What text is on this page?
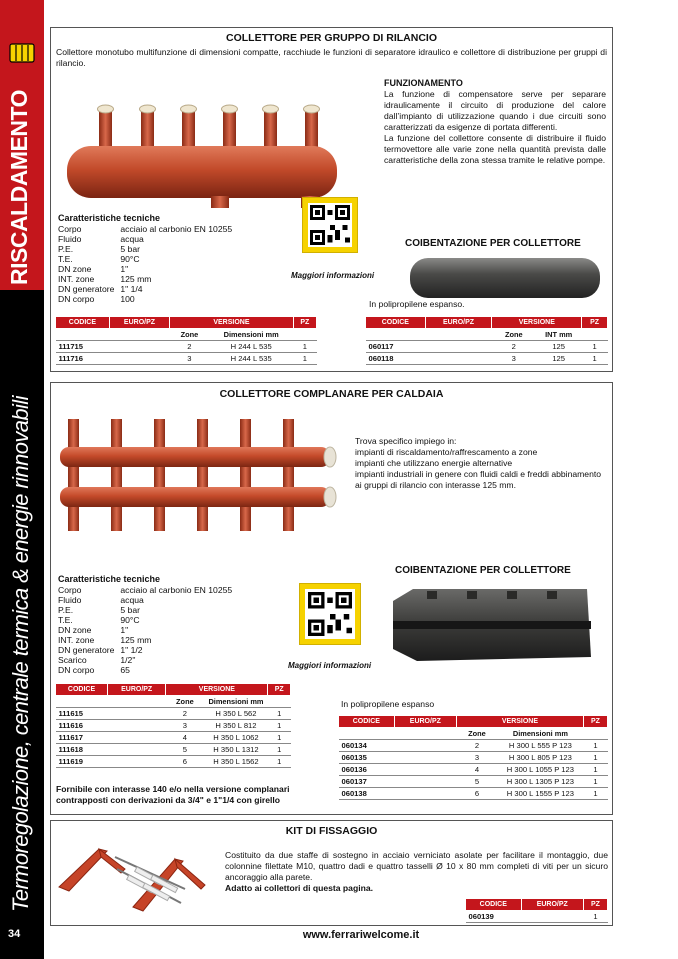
RISCALDAMENTO
Termoregolazione, centrale termica & energie rinnovabili
34
COLLETTORE PER GRUPPO DI RILANCIO
Collettore monotubo multifunzione di dimensioni compatte, racchiude le funzioni di separatore idraulico e collettore di distribuzione per gruppi di rilancio.
FUNZIONAMENTO
La funzione di compensatore serve per separare idraulicamente il circuito di produzione del calore dall’impianto di utilizzazione quando i due circuiti sono caratterizzati da esigenze di portata differenti.
La funzione del collettore consente di distribuire il fluido termovettore alle varie zone nella quantità prevista dalle caratteristiche della zona stessa tramite le relative pompe.
Caratteristiche tecniche
Corpo	acciaio al carbonio EN 10255
Fluido	acqua
P.E.	5 bar
T.E.	90°C
DN zone	1"
INT. zone	125 mm
DN generatore	1" 1/4
DN corpo	100
Maggiori informazioni
COIBENTAZIONE PER COLLETTORE
In polipropilene espanso.
CODICE	EURO/PZ	VERSIONE		PZ
		Zone	Dimensioni mm	
111715		2	H 244 L 535	1
111716		3	H 244 L 535	1
CODICE	EURO/PZ	VERSIONE		PZ
		Zone	INT mm	
060117		2	125	1
060118		3	125	1
COLLETTORE COMPLANARE PER CALDAIA
Trova specifico impiego in:
impianti di riscaldamento/raffrescamento a zone
impianti che utilizzano energie alternative
impianti industriali in genere con fluidi caldi e freddi abbinamento ai gruppi di rilancio con interasse 125 mm.
Caratteristiche tecniche
Corpo	acciaio al carbonio EN 10255
Fluido	acqua
P.E.	5 bar
T.E.	90°C
DN zone	1"
INT. zone	125 mm
DN generatore	1" 1/2
Scarico	1/2"
DN corpo	65	Maggiori informazioni
COIBENTAZIONE PER COLLETTORE
In polipropilene espanso
CODICE	EURO/PZ	VERSIONE		PZ
		Zone	Dimensioni mm	
111615		2	H 350 L 562	1
111616		3	H 350 L 812	1
111617		4	H 350 L 1062	1
111618		5	H 350 L 1312	1
111619		6	H 350 L 1562	1
Fornibile con interasse 140 e/o nella versione complanari contrapposti con derivazioni da 3/4" e 1"1/4 con girello
CODICE	EURO/PZ	VERSIONE		PZ
		Zone	Dimensioni mm	
060134		2	H 300 L 555 P 123	1
060135		3	H 300 L 805 P 123	1
060136		4	H 300 L 1055 P 123	1
060137		5	H 300 L 1305 P 123	1
060138		6	H 300 L 1555 P 123	1
KIT DI FISSAGGIO
Costituito da due staffe di sostegno in acciaio verniciato asolate per facilitare il montaggio, due colonnine filettate M10, quattro dadi e quattro tasselli Ø 10 x 80 mm completi di viti per un sicuro ancoraggio alla parete.
Adatto ai collettori di questa pagina.
CODICE	EURO/PZ	PZ
060139		1
www.ferrariwelcome.it
